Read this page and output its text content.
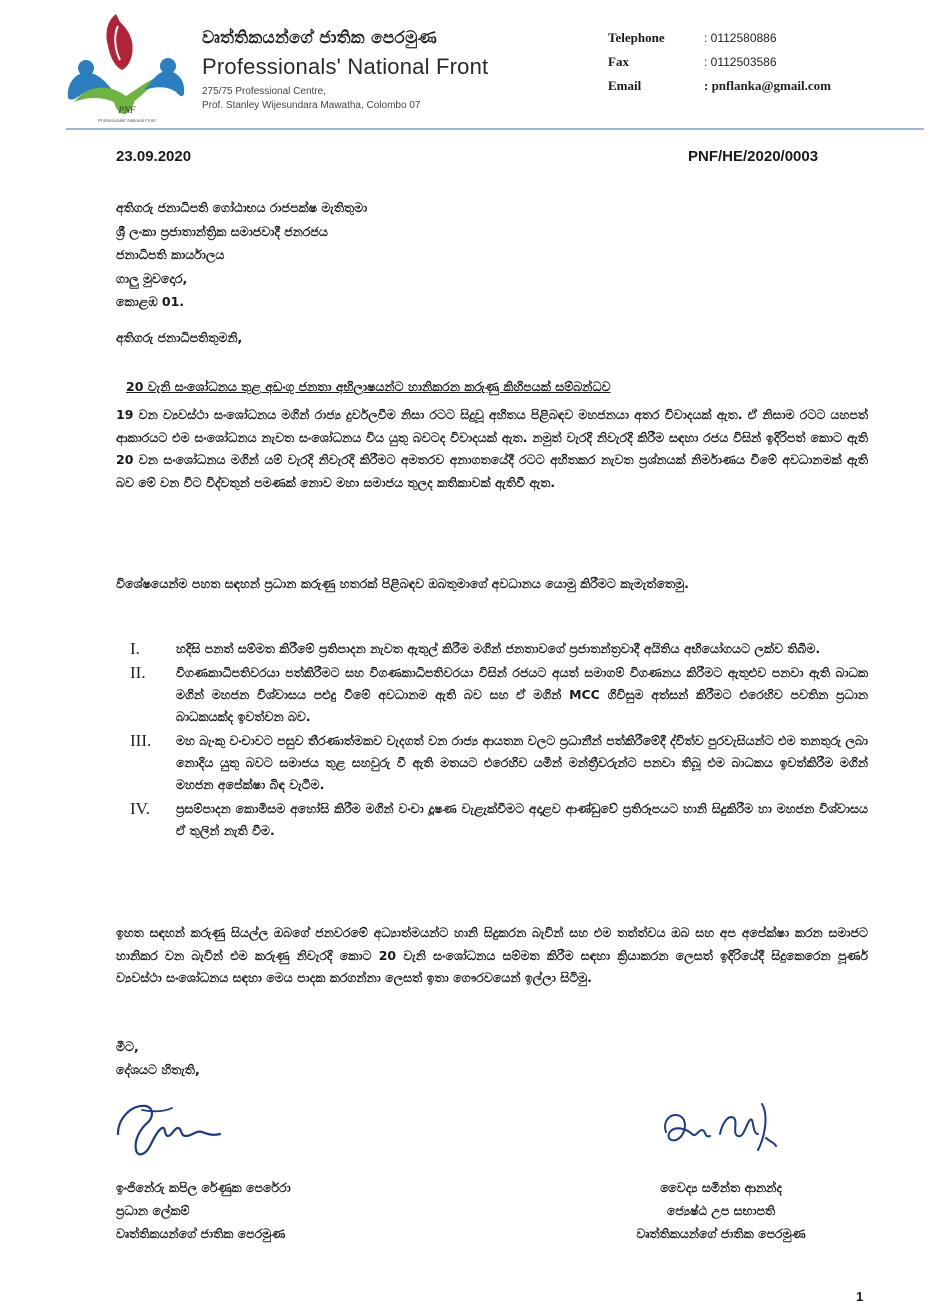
PNF
Professionals' National Front
වෘත්තිකයන්ගේ ජාතික පෙරමුණ
Professionals' National Front
275/75 Professional Centre,
Prof. Stanley Wijesundara Mawatha, Colombo 07
Telephone	: 0112580886
Fax	: 0112503586
Email	: pnflanka@gmail.com
23.09.2020	PNF/HE/2020/0003
අතිගරු ජනාධිපති ගෝඨාභය රාජපක්ෂ මැතිතුමා
ශ්‍රී ලංකා ප්‍රජාතාන්ත්‍රික සමාජවාදී ජනරජය
ජනාධිපති කාර්යාලය
ගාලු මුවදොර,
කොළඹ 01.
අතිගරු ජනාධිපතිතුමනි,
20 වැනි සංශෝධනය තුළ අඩංගු ජනතා අභිලාෂයන්ට හානිකරන කරුණු කිහිපයක් සම්බන්ධව
19 වන ව්‍යවස්ථා සංශෝධනය මගින් රාජ්‍ය දුර්වලවීම නිසා රටට සිදුවූ අහිතය පිළිබඳව මහජනයා අතර විවාදයක් ඇත. ඒ නිසාම රටට යහපත් ආකාරයට එම සංශෝධනය නැවත සංශෝධනය විය යුතු බවටද විවාදයක් ඇත. නමුත් වැරදි නිවැරදි කිරීම සඳහා රජය විසින් ඉදිරිපත් කොට ඇති 20 වන සංශෝධනය මගින් යම් වැරදි නිවැරදි කිරීමට අමතරව අනාගතයේදී රටට අහිතකර නැවත ප්‍රශ්නයක් නිර්මාණය වීමේ අවධානමක් ඇති බව මේ වන විට විද්වතුන් පමණක් නොව මහා සමාජය තුලද කතිකාවක් ඇතිවී ඇත.
විශේෂයෙන්ම පහත සඳහන් ප්‍රධාන කරුණු හතරක් පිළිබඳව ඔබතුමාගේ අවධානය යොමු කිරීමට කැමැත්තෙමු.
I.	හදිසි පනත් සම්මත කිරීමේ ප්‍රතිපාදන නැවත ඇතුල් කිරීම මගින් ජනතාවගේ ප්‍රජාතන්ත්‍රවාදී අයිතිය අභියෝගයට ලක්ව තිබීම.
II.	විගණකාධිපතිවරයා පත්කිරීමට සහ විගණකාධිපතිවරයා විසින් රජයට අයත් සමාගම් විගණනය කිරීමට ඇතුළුව පනවා ඇති බාධක මගින් මහජන විශ්වාසය පළුදු වීමේ අවධානම ඇති බව සහ ඒ මගින් MCC ගිවිසුම අත්සන් කිරීමට එරෙහිව පවතින ප්‍රධාන බාධකයක්ද ඉවත්වන බව.
III.	මහ බැංකු වංචාවට පසුව තීරණාත්මකව වැදගත් වන රාජ්‍ය ආයතන වලට ප්‍රධානීන් පත්කිරීමේදී ද්විත්ව පුරවැසියන්ට එම තනතුරු ලබා නොදිය යුතු බවට සමාජය තුළ සහවුරු වී ඇති මතයට එරෙහිව යමින් මන්ත්‍රීවරුන්ට පනවා තිබූ එම බාධකය ඉවත්කිරීම මගින් මහජන අපේක්ෂා බිඳ වැටීම.
IV.	ප්‍රසම්පාදන කොමිසම අහෝසි කිරීම මගින් වංචා දූෂණ වැළැක්වීමට අදාළව ආණ්ඩුවේ ප්‍රතිරූපයට හානි සිදුකිරීම හා මහජන විශ්වාසය ඒ තුලින් නැති වීම.
ඉහත සඳහන් කරුණු සියල්ල ඔබගේ ජනවරමේ අධ්‍යාත්මයන්ට හානි සිදුකරන බැවින් සහ එම තත්ත්වය ඔබ සහ අප අපේක්ෂා කරන සමාජට හානිකර වන බැවින් එම කරුණු නිවැරදි කොට 20 වැනි සංශෝධනය සම්මත කිරීම සඳහා ක්‍රියාකරන ලෙසත් ඉදිරියේදී සිදුකෙරෙන පූර්ණ ව්‍යවස්ථා සංශෝධනය සඳහා මෙය පාදක කරගන්නා ලෙසත් ඉතා ගෞරවයෙන් ඉල්ලා සිටිමු.
මීට,
දේශයට හිතැති,
ඉංජිනේරු කපිල රේණුක පෙරේරා
ප්‍රධාන ලේකම්
වෘත්තිකයන්ගේ ජාතික පෙරමුණ
වෛද්‍ය සමින්ත ආනන්ද
ජ්‍යෙෂ්ඨ උප සභාපති
වෘත්තිකයන්ගේ ජාතික පෙරමුණ
1
